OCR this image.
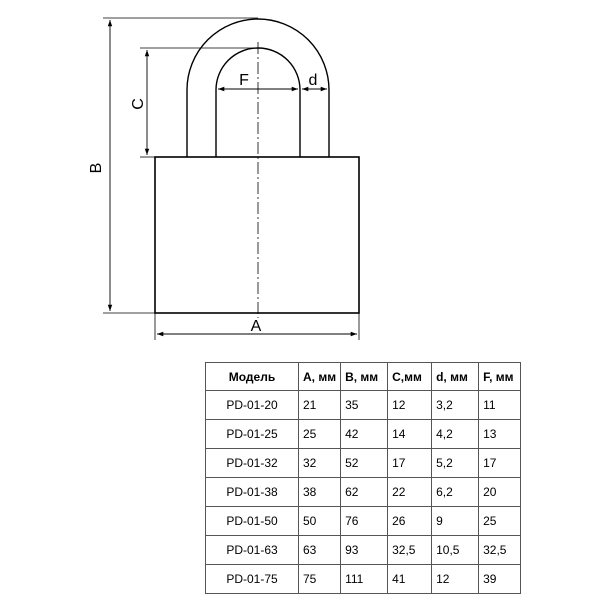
B
C
A
F	d
Модель	A, мм	B, мм	C,мм	d, мм	F, мм
PD-01-20	21	35	12	3,2	11
PD-01-25	25	42	14	4,2	13
PD-01-32	32	52	17	5,2	17
PD-01-38	38	62	22	6,2	20
PD-01-50	50	76	26	9	25
PD-01-63	63	93	32,5	10,5	32,5
PD-01-75	75	111	41	12	39
